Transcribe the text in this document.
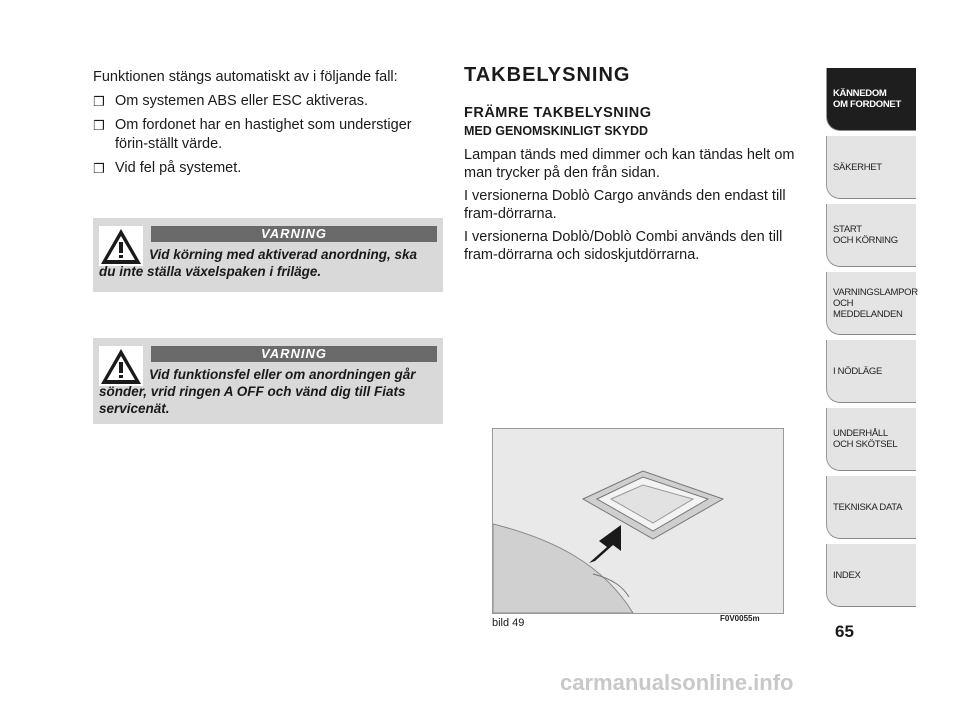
Funktionen stängs automatiskt av i följande fall:

❒ Om systemen ABS eller ESC aktiveras.
❒ Om fordonet har en hastighet som understiger förin-ställt värde.
❒ Vid fel på systemet.
VARNING
Vid körning med aktiverad anordning, ska du inte ställa växelspaken i friläge.
VARNING
Vid funktionsfel eller om anordningen går sönder, vrid ringen A OFF och vänd dig till Fiats servicenät.
TAKBELYSNING
FRÄMRE TAKBELYSNING
MED GENOMSKINLIGT SKYDD

Lampan tänds med dimmer och kan tändas helt om man trycker på den från sidan.

I versionerna Doblò Cargo används den endast till fram-dörrarna.

I versionerna Doblò/Doblò Combi används den till fram-dörrarna och sidoskjutdörrarna.

bild 49	F0V0055m
KÄNNEDOM
OM FORDONET
SÄKERHET
START
OCH KÖRNING
VARNINGSLAMPOR
OCH
MEDDELANDEN
I NÖDLÄGE
UNDERHÅLL
OCH SKÖTSEL
TEKNISKA DATA
INDEX
65
carmanualsonline.info
